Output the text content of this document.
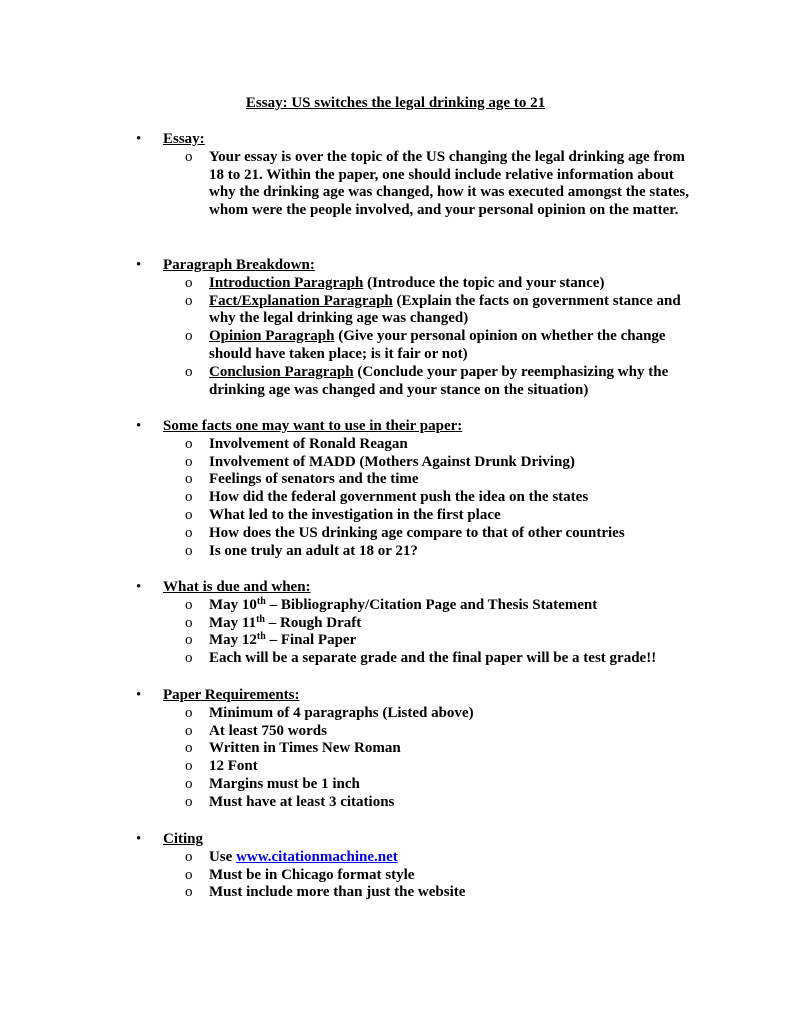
Essay: US switches the legal drinking age to 21
• Essay:
o Your essay is over the topic of the US changing the legal drinking age from 18 to 21. Within the paper, one should include relative information about why the drinking age was changed, how it was executed amongst the states, whom were the people involved, and your personal opinion on the matter.
• Paragraph Breakdown:
o Introduction Paragraph (Introduce the topic and your stance)
o Fact/Explanation Paragraph (Explain the facts on government stance and why the legal drinking age was changed)
o Opinion Paragraph (Give your personal opinion on whether the change should have taken place; is it fair or not)
o Conclusion Paragraph (Conclude your paper by reemphasizing why the drinking age was changed and your stance on the situation)
• Some facts one may want to use in their paper:
o Involvement of Ronald Reagan
o Involvement of MADD (Mothers Against Drunk Driving)
o Feelings of senators and the time
o How did the federal government push the idea on the states
o What led to the investigation in the first place
o How does the US drinking age compare to that of other countries
o Is one truly an adult at 18 or 21?
• What is due and when:
o May 10th – Bibliography/Citation Page and Thesis Statement
o May 11th – Rough Draft
o May 12th – Final Paper
o Each will be a separate grade and the final paper will be a test grade!!
• Paper Requirements:
o Minimum of 4 paragraphs (Listed above)
o At least 750 words
o Written in Times New Roman
o 12 Font
o Margins must be 1 inch
o Must have at least 3 citations
• Citing
o Use www.citationmachine.net
o Must be in Chicago format style
o Must include more than just the website
